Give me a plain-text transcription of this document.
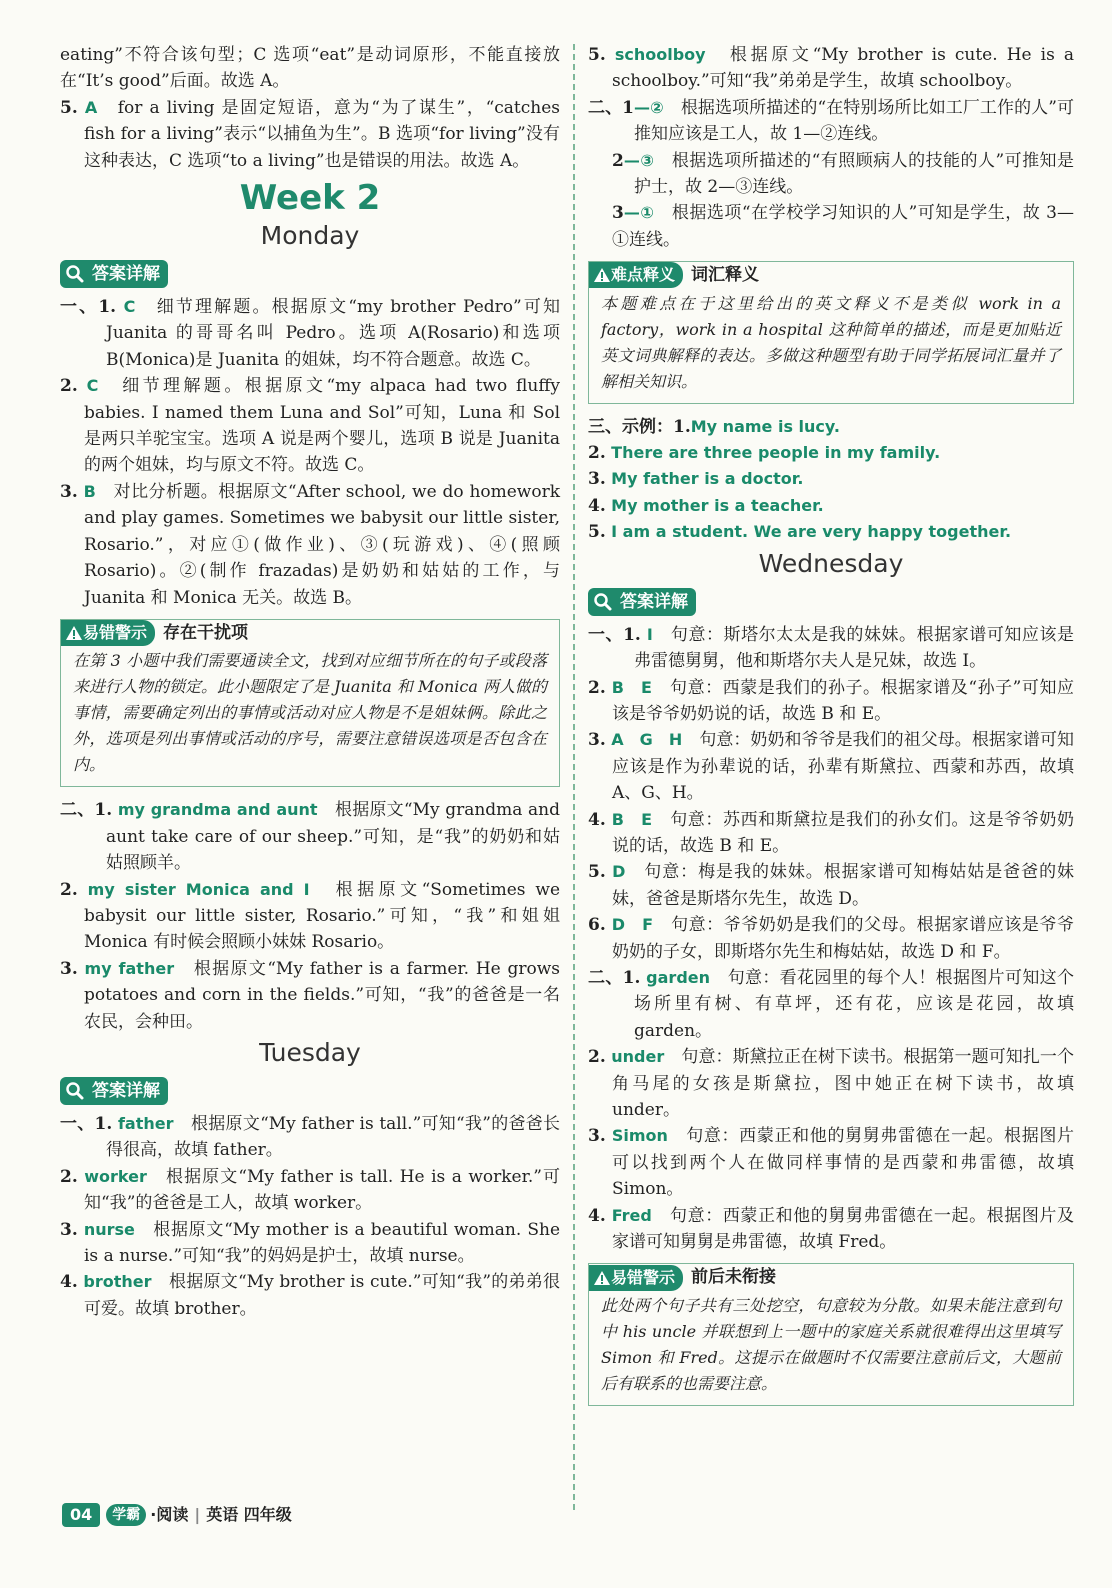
eating”不符合该句型；C 选项“eat”是动词原形，不能直接放在“It’s good”后面。故选 A。

5. A　 for a living 是固定短语，意为“为了谋生”，“catches fish for a living”表示“以捕鱼为生”。B 选项“for living”没有这种表达，C 选项“to a living”也是错误的用法。故选 A。

Week 2
Monday
答案详解

一、1. C　 细节理解题。根据原文“my brother Pedro”可知 Juanita 的哥哥名叫 Pedro。选项 A(Rosario)和选项 B(Monica)是 Juanita 的姐妹，均不符合题意。故选 C。

2. C　 细节理解题。根据原文“my alpaca had two fluffy babies. I named them Luna and Sol”可知，Luna 和 Sol 是两只羊驼宝宝。选项 A 说是两个婴儿，选项 B 说是 Juanita 的两个姐妹，均与原文不符。故选 C。

3. B　 对比分析题。根据原文“After school, we do homework and play games. Sometimes we babysit our little sister, Rosario.”，对应①(做作业)、③(玩游戏)、④(照顾 Rosario)。②(制作 frazadas)是奶奶和姑姑的工作，与 Juanita 和 Monica 无关。故选 B。

易错警示 存在干扰项

在第 3 小题中我们需要通读全文，找到对应细节所在的句子或段落来进行人物的锁定。此小题限定了是 Juanita 和 Monica 两人做的事情，需要确定列出的事情或活动对应人物是不是姐妹俩。除此之外，选项是列出事情或活动的序号，需要注意错误选项是否包含在内。

二、1. my grandma and aunt　 根据原文“My grandma and aunt take care of our sheep.”可知，是“我”的奶奶和姑姑照顾羊。

2. my sister Monica and I　 根据原文“Sometimes we babysit our little sister, Rosario.”可知，“我”和姐姐 Monica 有时候会照顾小妹妹 Rosario。

3. my father　 根据原文“My father is a farmer. He grows potatoes and corn in the fields.”可知，“我”的爸爸是一名农民，会种田。

Tuesday
答案详解

一、1. father　 根据原文“My father is tall.”可知“我”的爸爸长得很高，故填 father。

2. worker　 根据原文“My father is tall. He is a worker.”可知“我”的爸爸是工人，故填 worker。

3. nurse　 根据原文“My mother is a beautiful woman. She is a nurse.”可知“我”的妈妈是护士，故填 nurse。

4. brother　 根据原文“My brother is cute.”可知“我”的弟弟很可爱。故填 brother。

5. schoolboy　 根据原文“My brother is cute. He is a schoolboy.”可知“我”弟弟是学生，故填 schoolboy。

二、1—②　 根据选项所描述的“在特别场所比如工厂工作的人”可推知应该是工人，故 1—②连线。

2—③　 根据选项所描述的“有照顾病人的技能的人”可推知是护士，故 2—③连线。

3—①　 根据选项“在学校学习知识的人”可知是学生，故 3—①连线。

难点释义 词汇释义

本题难点在于这里给出的英文释义不是类似 work in a factory，work in a hospital 这种简单的描述，而是更加贴近英文词典解释的表达。多做这种题型有助于同学拓展词汇量并了解相关知识。

三、示例：1.My name is lucy.

2. There are three people in my family.

3. My father is a doctor.

4. My mother is a teacher.

5. I am a student. We are very happy together.

Wednesday
答案详解

一、1. I　 句意：斯塔尔太太是我的妹妹。根据家谱可知应该是弗雷德舅舅，他和斯塔尔夫人是兄妹，故选 I。

2. B　E　 句意：西蒙是我们的孙子。根据家谱及“孙子”可知应该是爷爷奶奶说的话，故选 B 和 E。

3. A　G　H　 句意：奶奶和爷爷是我们的祖父母。根据家谱可知应该是作为孙辈说的话，孙辈有斯黛拉、西蒙和苏西，故填 A、G、H。

4. B　E　 句意：苏西和斯黛拉是我们的孙女们。这是爷爷奶奶说的话，故选 B 和 E。

5. D　 句意：梅是我的妹妹。根据家谱可知梅姑姑是爸爸的妹妹，爸爸是斯塔尔先生，故选 D。

6. D　F　 句意：爷爷奶奶是我们的父母。根据家谱应该是爷爷奶奶的子女，即斯塔尔先生和梅姑姑，故选 D 和 F。

二、1. garden　 句意：看花园里的每个人！根据图片可知这个场所里有树、有草坪，还有花，应该是花园，故填 garden。

2. under　 句意：斯黛拉正在树下读书。根据第一题可知扎一个角马尾的女孩是斯黛拉，图中她正在树下读书，故填 under。

3. Simon　 句意：西蒙正和他的舅舅弗雷德在一起。根据图片可以找到两个人在做同样事情的是西蒙和弗雷德，故填 Simon。

4. Fred　 句意：西蒙正和他的舅舅弗雷德在一起。根据图片及家谱可知舅舅是弗雷德，故填 Fred。

易错警示 前后未衔接

此处两个句子共有三处挖空，句意较为分散。如果未能注意到句中 his uncle 并联想到上一题中的家庭关系就很难得出这里填写 Simon 和 Fred。这提示在做题时不仅需要注意前后文，大题前后有联系的也需要注意。

04	学霸 ·阅读 | 英语 四年级
